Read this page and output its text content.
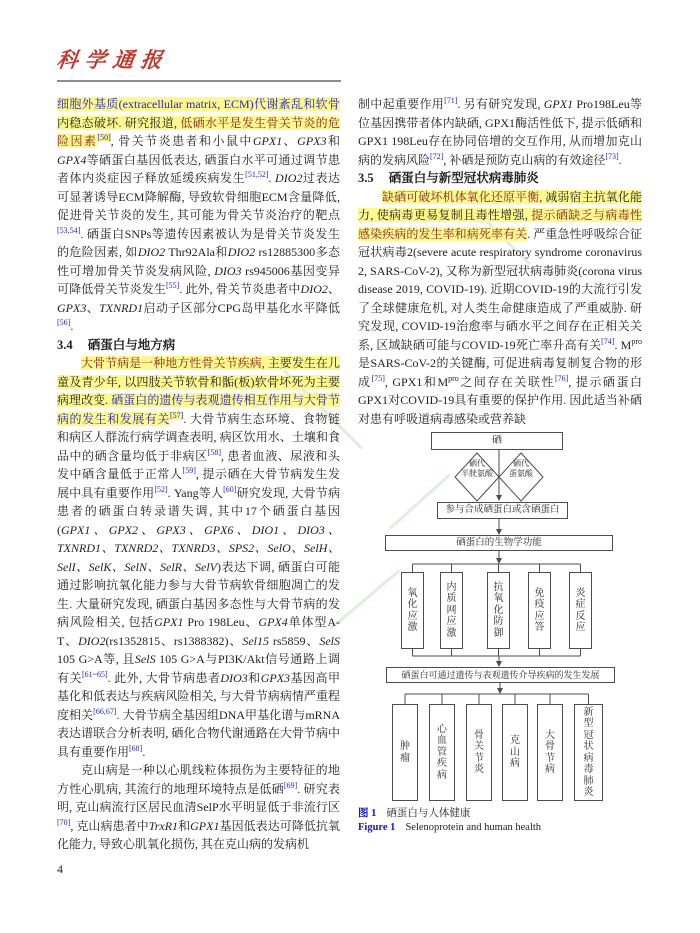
科学通报

细胞外基质(extracellular matrix, ECM)代谢紊乱和软骨内稳态破坏. 研究报道, 低硒水平是发生骨关节炎的危险因素[50], 骨关节炎患者和小鼠中GPX1、GPX3和GPX4等硒蛋白基因低表达, 硒蛋白水平可通过调节患者体内炎症因子释放延缓疾病发生[51,52]. DIO2过表达可显著诱导ECM降解酶, 导致软骨细胞ECM含量降低, 促进骨关节炎的发生, 其可能为骨关节炎治疗的靶点[53,54]. 硒蛋白SNPs等遗传因素被认为是骨关节炎发生的危险因素, 如DIO2 Thr92Ala和DIO2 rs12885300多态性可增加骨关节炎发病风险, DIO3 rs945006基因变异可降低骨关节炎发生[55]. 此外, 骨关节炎患者中DIO2、GPX3、TXNRD1启动子区部分CPG岛甲基化水平降低[56].

3.4 硒蛋白与地方病

大骨节病是一种地方性骨关节疾病, 主要发生在儿童及青少年, 以四肢关节软骨和骺(板)软骨坏死为主要病理改变. 硒蛋白的遗传与表观遗传相互作用与大骨节病的发生和发展有关[57]. 大骨节病生态环境、食物链和病区人群流行病学调查表明, 病区饮用水、土壤和食品中的硒含量均低于非病区[58], 患者血液、尿液和头发中硒含量低于正常人[59], 提示硒在大骨节病发生发展中具有重要作用[52]. Yang等人[60]研究发现, 大骨节病患者的硒蛋白转录谱失调, 其中17个硒蛋白基因(GPX1、GPX2、GPX3、GPX6、DIO1、DIO3、TXNRD1、TXNRD2、TXNRD3、SPS2、SelO、SelH、SelI、SelK、SelN、SelR、SelV)表达下调, 硒蛋白可能通过影响抗氧化能力参与大骨节病软骨细胞凋亡的发生. 大量研究发现, 硒蛋白基因多态性与大骨节病的发病风险相关, 包括GPX1 Pro 198Leu、GPX4单体型A-T、DIO2(rs1352815、rs1388382)、Sel15 rs5859、SelS 105 G>A等, 且SelS 105 G>A与PI3K/Akt信号通路上调有关[61~65]. 此外, 大骨节病患者DIO3和GPX3基因高甲基化和低表达与疾病风险相关, 与大骨节病病情严重程度相关[66,67]. 大骨节病全基因组DNA甲基化谱与mRNA表达谱联合分析表明, 硒化合物代谢通路在大骨节病中具有重要作用[68].

克山病是一种以心肌线粒体损伤为主要特征的地方性心肌病, 其流行的地理环境特点是低硒[69]. 研究表明, 克山病流行区居民血清SelP水平明显低于非流行区[70], 克山病患者中TrxR1和GPX1基因低表达可降低抗氧化能力, 导致心肌氧化损伤, 其在克山病的发病机

制中起重要作用[71]. 另有研究发现, GPX1 Pro198Leu等位基因携带者体内缺硒, GPX1酶活性低下, 提示低硒和GPX1 198Leu存在协同倍增的交互作用, 从而增加克山病的发病风险[72], 补硒是预防克山病的有效途径[73].

3.5 硒蛋白与新型冠状病毒肺炎

缺硒可破坏机体氧化还原平衡, 减弱宿主抗氧化能力, 使病毒更易复制且毒性增强, 提示硒缺乏与病毒性感染疾病的发生率和病死率有关. 严重急性呼吸综合征冠状病毒2(severe acute respiratory syndrome coronavirus 2, SARS-CoV-2), 又称为新型冠状病毒肺炎(corona virus disease 2019, COVID-19). 近期COVID-19的大流行引发了全球健康危机, 对人类生命健康造成了严重威胁. 研究发现, COVID-19治愈率与硒水平之间存在正相关关系, 区域缺硒可能与COVID-19死亡率升高有关[74]. $M^{pro}$是SARS-CoV-2的关键酶, 可促进病毒复制复合物的形成[75], GPX1和$M^{pro}$之间存在关联性[76], 提示硒蛋白GPX1对COVID-19具有重要的保护作用. 因此适当补硒对患有呼吸道病毒感染或营养缺

硒
硒代
半胱氨酸
硒代
蛋氨酸
参与合成硒蛋白或含硒蛋白
硒蛋白的生物学功能
氧化应激
内质网应激
抗氧化防御
免疫应答
炎症反应
硒蛋白可通过遗传与表观遗传介导疾病的发生发展
肿瘤
心血管疾病
骨关节炎
克山病
大骨节病
新型冠状病毒肺炎
图 1 硒蛋白与人体健康
Figure 1 Selenoprotein and human health
4
